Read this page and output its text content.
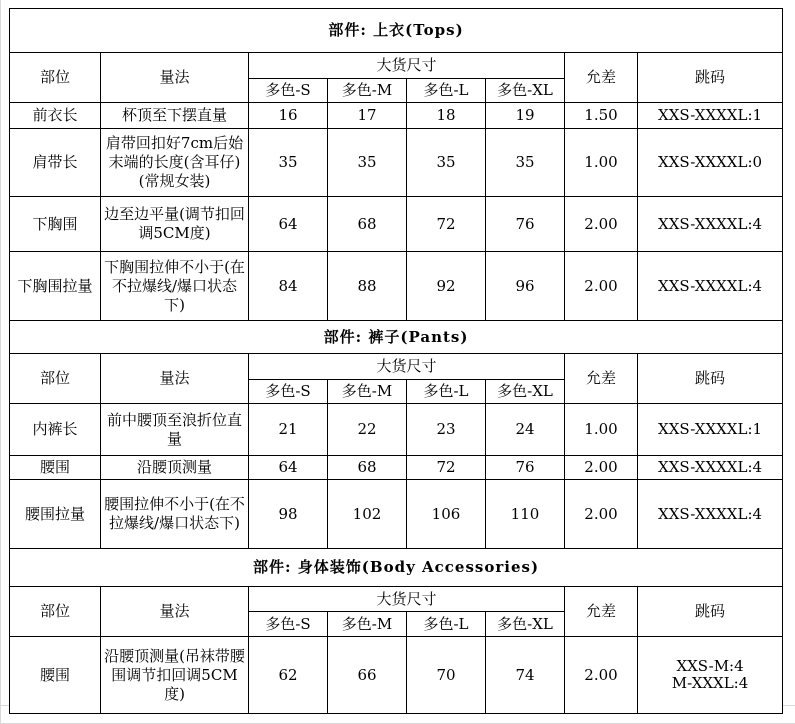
部件: 上衣(Tops)							
部位	量法	大货尺寸				允差	跳码
		多色-S	多色-M	多色-L	多色-XL		
前衣长	杯顶至下摆直量	16	17	18	19	1.50	XXS-XXXXL:1

肩带长	肩带回扣好7cm后始末端的长度(含耳仔)(常规女装)	35	35	35	35	1.00	XXS-XXXXL:0

下胸围	边至边平量(调节扣回调5CM度)	64	68	72	76	2.00	XXS-XXXXL:4

下胸围拉量	下胸围拉伸不小于(在不拉爆线/爆口状态下)	84	88	92	96	2.00	XXS-XXXXL:4

部件: 裤子(Pants)							
部位	量法	大货尺寸				允差	跳码
		多色-S	多色-M	多色-L	多色-XL		
内裤长	前中腰顶至浪折位直量	21	22	23	24	1.00	XXS-XXXXL:1

腰围	沿腰顶测量	64	68	72	76	2.00	XXS-XXXXL:4

腰围拉量	腰围拉伸不小于(在不拉爆线/爆口状态下)	98	102	106	110	2.00	XXS-XXXXL:4

部件: 身体装饰(Body Accessories)							
部位	量法	大货尺寸				允差	跳码
		多色-S	多色-M	多色-L	多色-XL		
腰围	沿腰顶测量(吊袜带腰围调节扣回调5CM度)	62	66	70	74	2.00	XXS-M:4
M-XXXL:4
